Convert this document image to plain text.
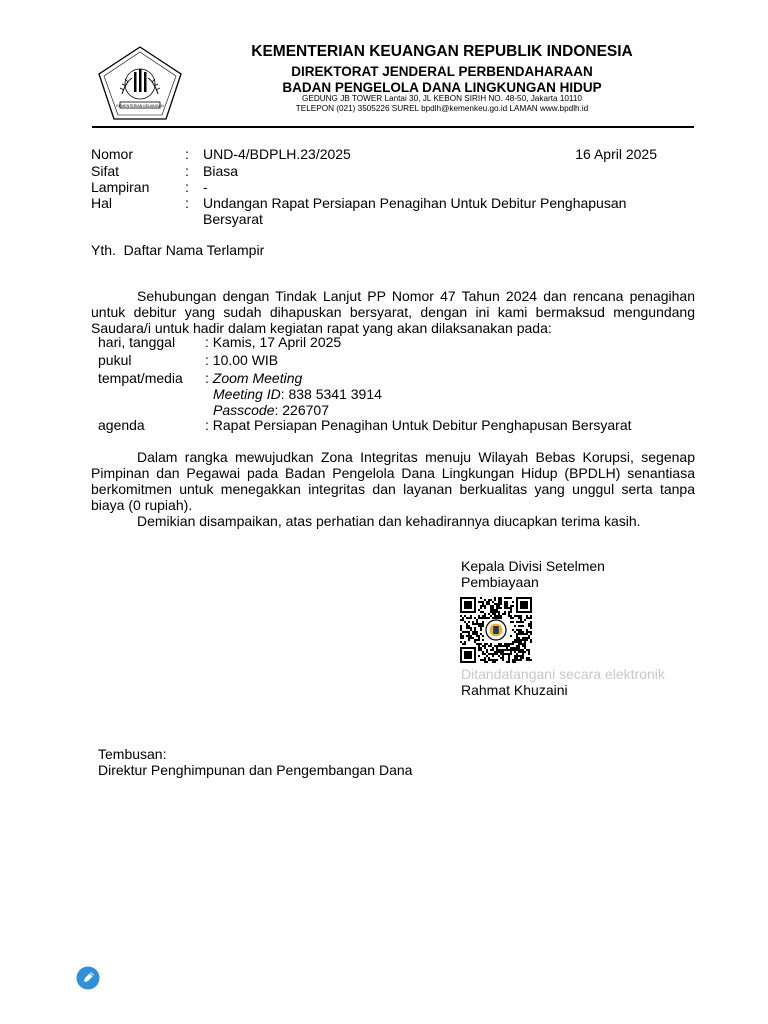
KEMENTERIAN KEUANGAN
KEMENTERIAN KEUANGAN REPUBLIK INDONESIA
DIREKTORAT JENDERAL PERBENDAHARAAN
BADAN PENGELOLA DANA LINGKUNGAN HIDUP
GEDUNG JB TOWER Lantai 30, JL KEBON SIRIH NO. 48-50, Jakarta 10110
TELEPON (021) 3505226 SUREL bpdlh@kemenkeu.go.id LAMAN www.bpdlh.id
Nomor	: UND-4/BDPLH.23/2025	16 April 2025
Sifat	: Biasa
Lampiran	: -
Hal	: Undangan Rapat Persiapan Penagihan Untuk Debitur Penghapusan
Bersyarat
Yth.  Daftar Nama Terlampir
Sehubungan dengan Tindak Lanjut PP Nomor 47 Tahun 2024 dan rencana penagihan untuk debitur yang sudah dihapuskan bersyarat, dengan ini kami bermaksud mengundang Saudara/i untuk hadir dalam kegiatan rapat yang akan dilaksanakan pada:
hari, tanggal : Kamis, 17 April 2025
pukul	: 10.00 WIB
tempat/media : Zoom Meeting
Meeting ID: 838 5341 3914
Passcode: 226707
agenda	: Rapat Persiapan Penagihan Untuk Debitur Penghapusan Bersyarat
Dalam rangka mewujudkan Zona Integritas menuju Wilayah Bebas Korupsi, segenap Pimpinan dan Pegawai pada Badan Pengelola Dana Lingkungan Hidup (BPDLH) senantiasa berkomitmen untuk menegakkan integritas dan layanan berkualitas yang unggul serta tanpa biaya (0 rupiah).
Demikian disampaikan, atas perhatian dan kehadirannya diucapkan terima kasih.
Kepala Divisi Setelmen
Pembiayaan
Ditandatangani secara elektronik
Rahmat Khuzaini
Tembusan:
Direktur Penghimpunan dan Pengembangan Dana
